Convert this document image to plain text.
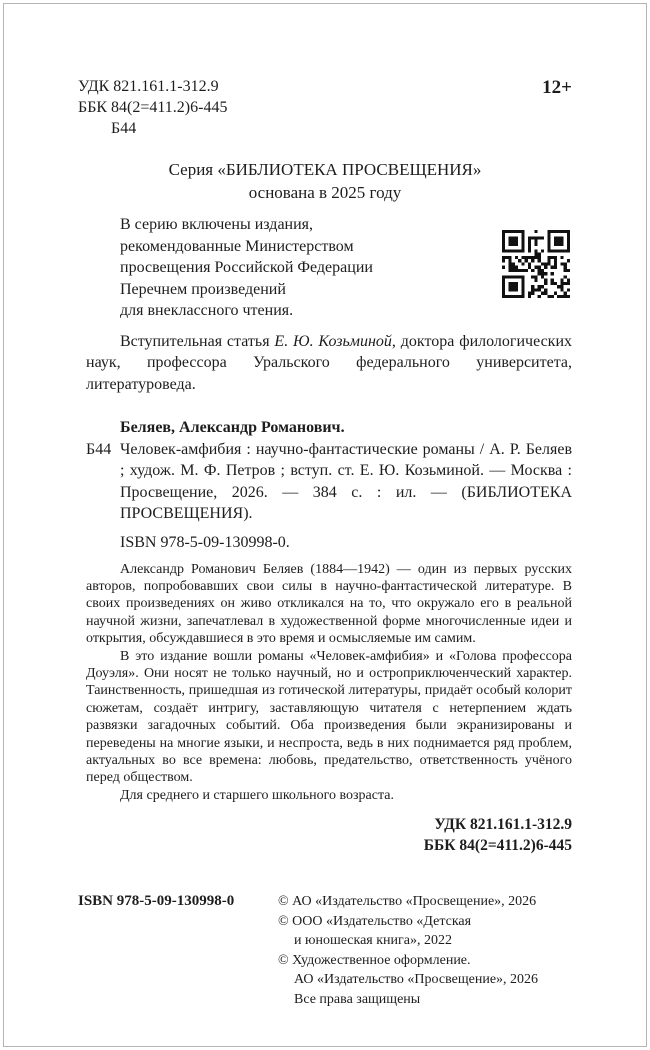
УДК 821.161.1-312.9
ББК 84(2=411.2)6-445
Б44
12+
Серия «БИБЛИОТЕКА ПРОСВЕЩЕНИЯ»
основана в 2025 году
В серию включены издания,
рекомендованные Министерством
просвещения Российской Федерации
Перечнем произведений
для внеклассного чтения.

Вступительная статья Е. Ю. Козьминой, доктора филологических наук, профессора Уральского федерального университета, литературоведа.

Беляев, Александр Романович.
Б44 Человек-амфибия : научно-фантастические романы / А. Р. Беляев ; худож. М. Ф. Петров ; вступ. ст. Е. Ю. Козьминой. — Москва : Просвещение, 2026. — 384 с. : ил. — (БИБЛИОТЕКА ПРОСВЕЩЕНИЯ).
ISBN 978-5-09-130998-0.
Александр Романович Беляев (1884—1942) — один из первых русских авторов, попробовавших свои силы в научно-фантастической литературе. В своих произведениях он живо откликался на то, что окружало его в реальной научной жизни, запечатлевал в художественной форме многочисленные идеи и открытия, обсуждавшиеся в это время и осмысляемые им самим.
В это издание вошли романы «Человек-амфибия» и «Голова профессора Доуэля». Они носят не только научный, но и остроприключенческий характер. Таинственность, пришедшая из готической литературы, придаёт особый колорит сюжетам, создаёт интригу, заставляющую читателя с нетерпением ждать развязки загадочных событий. Оба произведения были экранизированы и переведены на многие языки, и неспроста, ведь в них поднимается ряд проблем, актуальных во все времена: любовь, предательство, ответственность учёного перед обществом.
Для среднего и старшего школьного возраста.
УДК 821.161.1-312.9
ББК 84(2=411.2)6-445
ISBN 978-5-09-130998-0	© АО «Издательство «Просвещение», 2026
© ООО «Издательство «Детская
и юношеская книга», 2022
© Художественное оформление.
АО «Издательство «Просвещение», 2026
Все права защищены
